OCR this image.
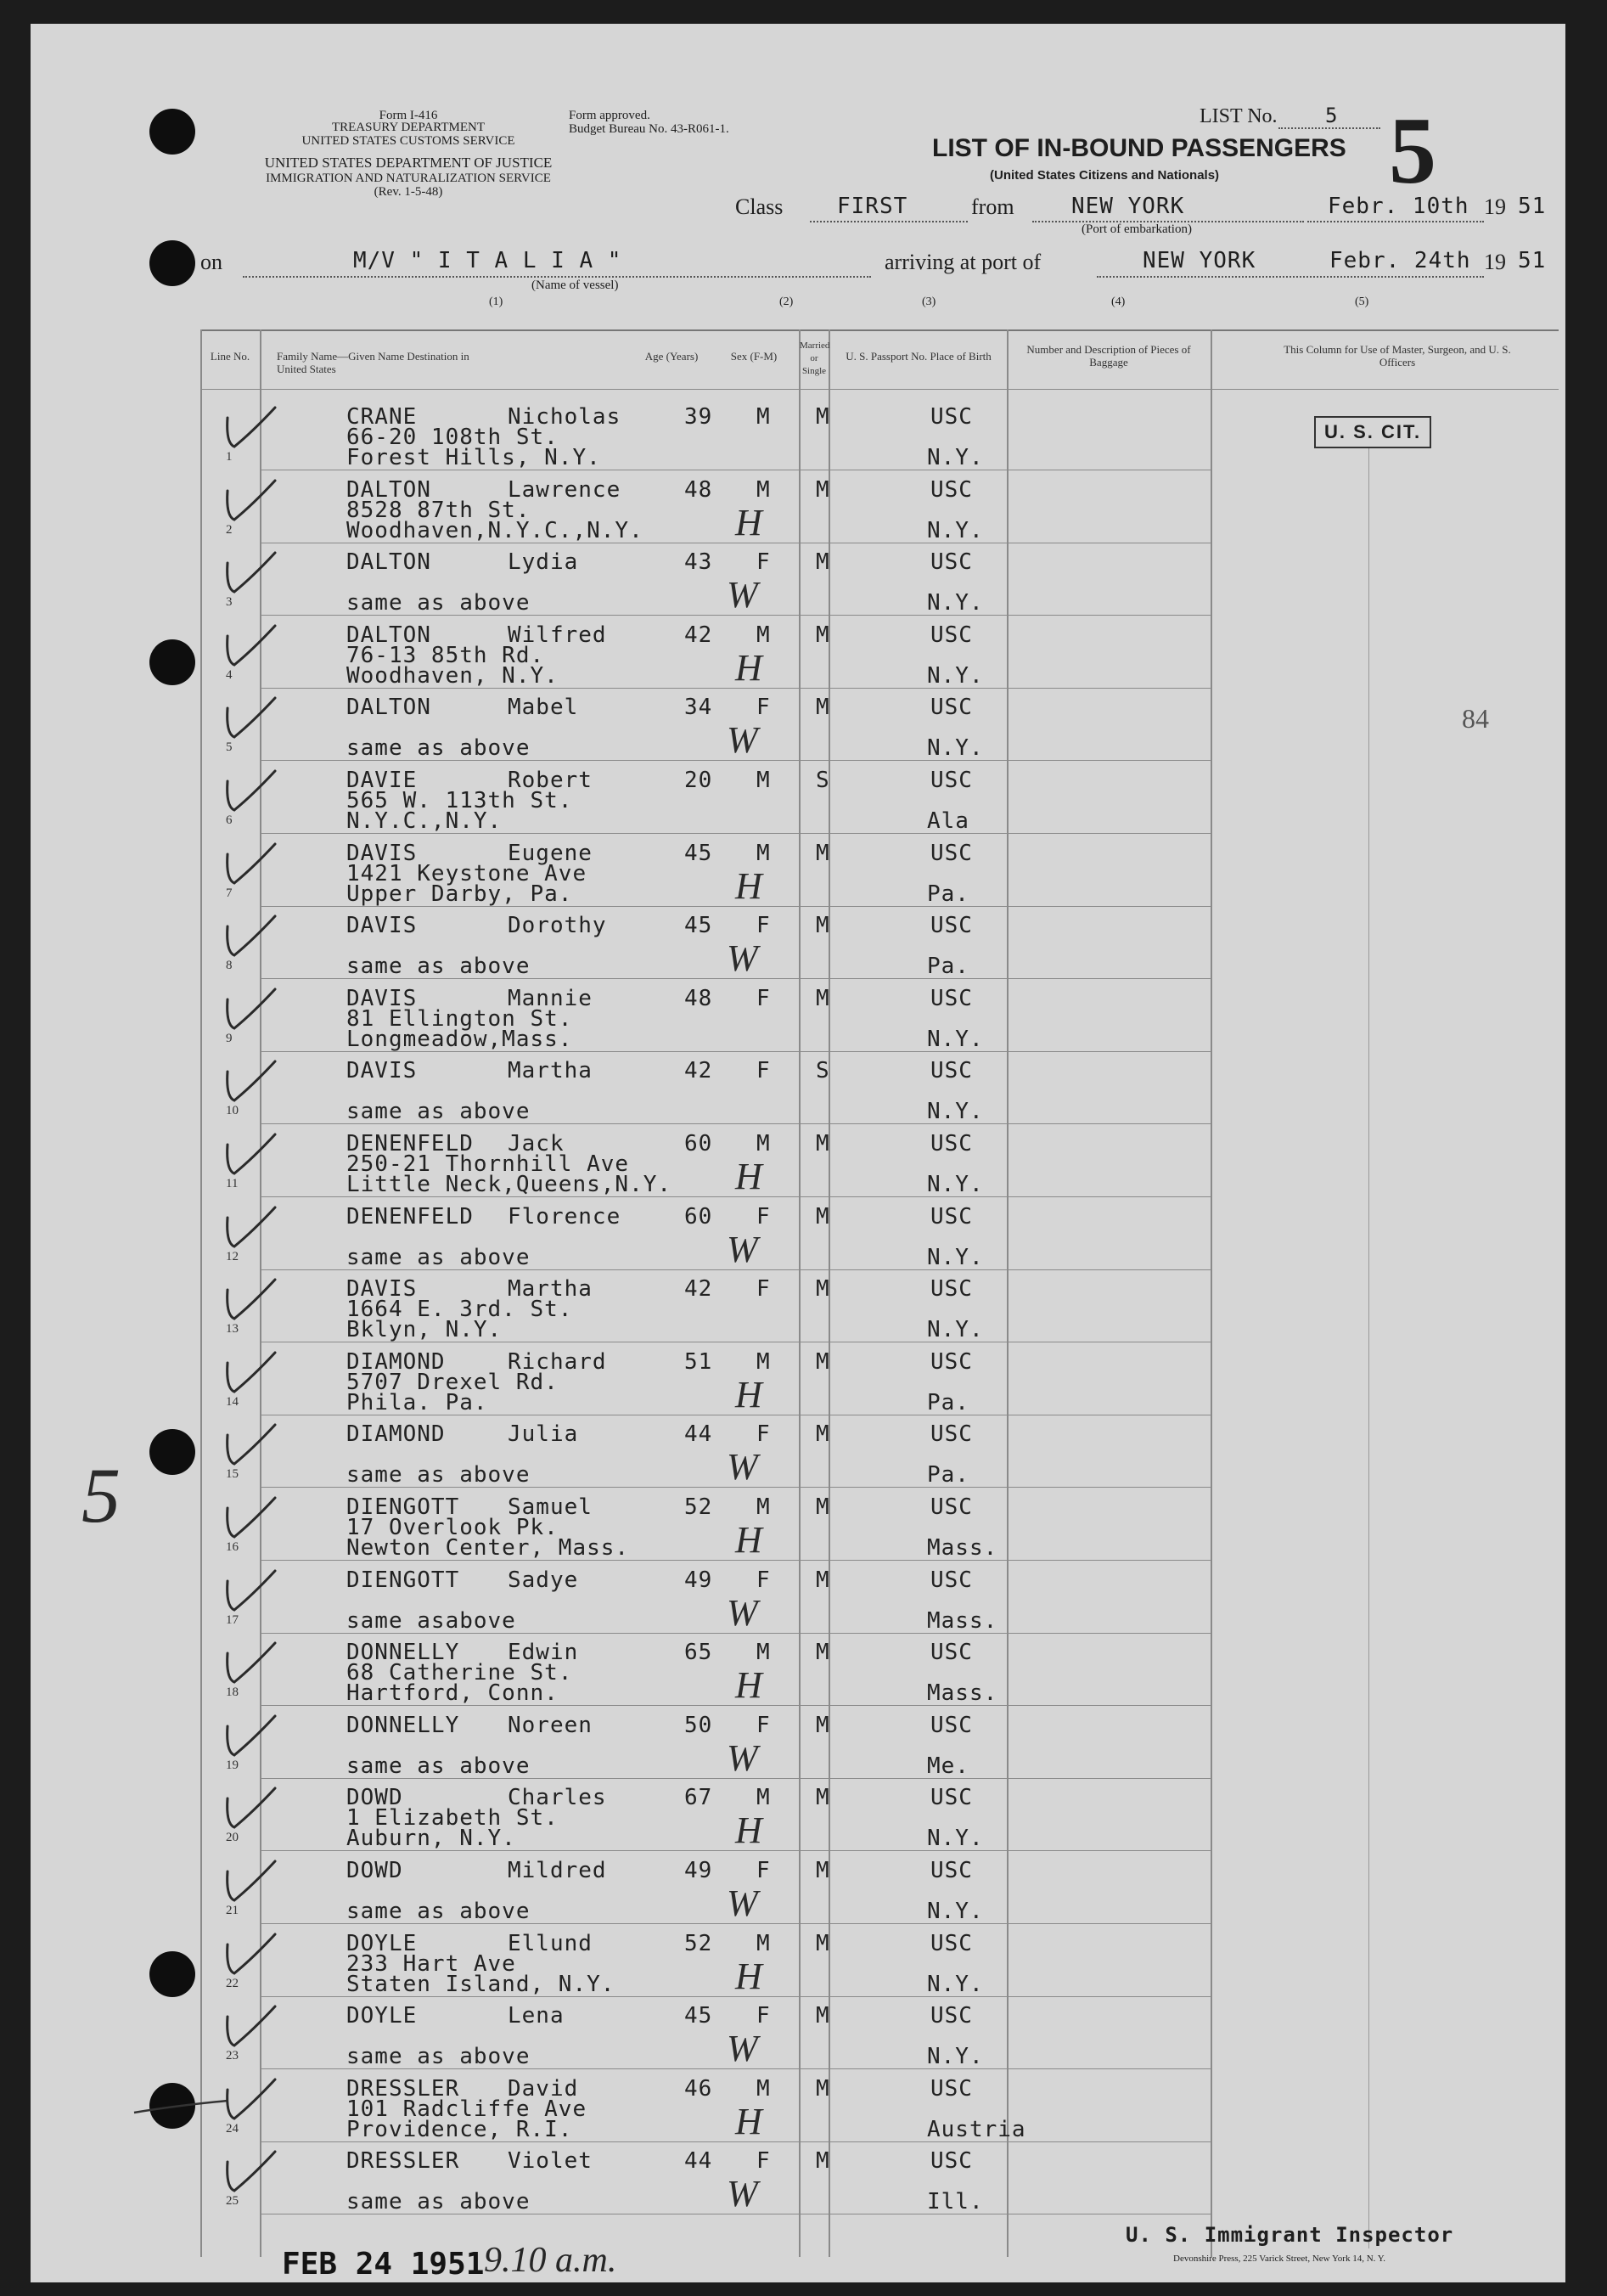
Form I-416
TREASURY DEPARTMENT
UNITED STATES CUSTOMS SERVICE
UNITED STATES DEPARTMENT OF JUSTICE
IMMIGRATION AND NATURALIZATION SERVICE
(Rev. 1-5-48)
Form approved.
Budget Bureau No. 43-R061-1.
LIST No. 5 5
LIST OF IN-BOUND PASSENGERS
(United States Citizens and Nationals)
Class FIRST	from	NEW YORK
(Port of embarkation)
Febr. 10th 19 51
on	M/V " I T A L I A "
(Name of vessel)
arriving at port of	NEW YORK	Febr. 24th 19 51
(1)	(2)	(3)	(4)	(5)
Line No.	Family Name—Given Name Destination in United States
Age (Years)	Sex (F-M)
Married or Single
U. S. Passport No. Place of Birth
Number and Description of Pieces of Baggage
This Column for Use of Master, Surgeon, and U. S. Officers
U. S. CIT.
84
5
1
CRANE	Nicholas
66-20 108th St.
Forest Hills, N.Y.
39 M M	USC
N.Y.
2
DALTON	Lawrence
8528 87th St.
Woodhaven,N.Y.C.,N.Y.
48 M M	USC
N.Y.
H
3
DALTON	Lydia
same as above
43 F M	USC
N.Y.
W
4
DALTON	Wilfred
76-13 85th Rd.
Woodhaven, N.Y.
42 M M	USC
N.Y.
H
5
DALTON	Mabel
same as above
34 F M	USC
N.Y.
W
6
DAVIE	Robert
565 W. 113th St.
N.Y.C.,N.Y.
20 M S	USC
Ala
7
DAVIS	Eugene
1421 Keystone Ave
Upper Darby, Pa.
45 M M	USC
Pa.
H
8
DAVIS	Dorothy
same as above
45 F M	USC
Pa.
W
9
DAVIS	Mannie
81 Ellington St.
Longmeadow,Mass.
48 F M	USC
N.Y.
10
DAVIS	Martha
same as above
42 F S	USC
N.Y.
11
DENENFELD Jack
250-21 Thornhill Ave
Little Neck,Queens,N.Y.
60 M M	USC
N.Y.
H
12
DENENFELD Florence
same as above
60 F M	USC
N.Y.
W
13
DAVIS	Martha
1664 E. 3rd. St.
Bklyn, N.Y.
42 F M	USC
N.Y.
14
DIAMOND	Richard
5707 Drexel Rd.
Phila. Pa.
51 M M	USC
Pa.
H
15
DIAMOND	Julia
same as above
44 F M	USC
Pa.
W
16
DIENGOTT Samuel
17 Overlook Pk.
Newton Center, Mass.
52 M M	USC
Mass.
H
17
DIENGOTT Sadye
same asabove
49 F M	USC
Mass.
W
18
DONNELLY Edwin
68 Catherine St.
Hartford, Conn.
65 M M	USC
Mass.
H
19
DONNELLY Noreen
same as above
50 F M	USC
Me.
W
20
DOWD	Charles
1 Elizabeth St.
Auburn, N.Y.
67 M M	USC
N.Y.
H
21
DOWD	Mildred
same as above
49 F M	USC
N.Y.
W
22
DOYLE	Ellund
233 Hart Ave
Staten Island, N.Y.
52 M M	USC
N.Y.
H
23
DOYLE	Lena
same as above
45 F M	USC
N.Y.
W
24
DRESSLER David
101 Radcliffe Ave
Providence, R.I.
46 M M	USC
Austria
H
25
DRESSLER Violet
same as above
44 F M	USC
Ill.
W
U. S. Immigrant Inspector
Devonshire Press, 225 Varick Street, New York 14, N. Y.
FEB 24 1951 9.10 a.m.
